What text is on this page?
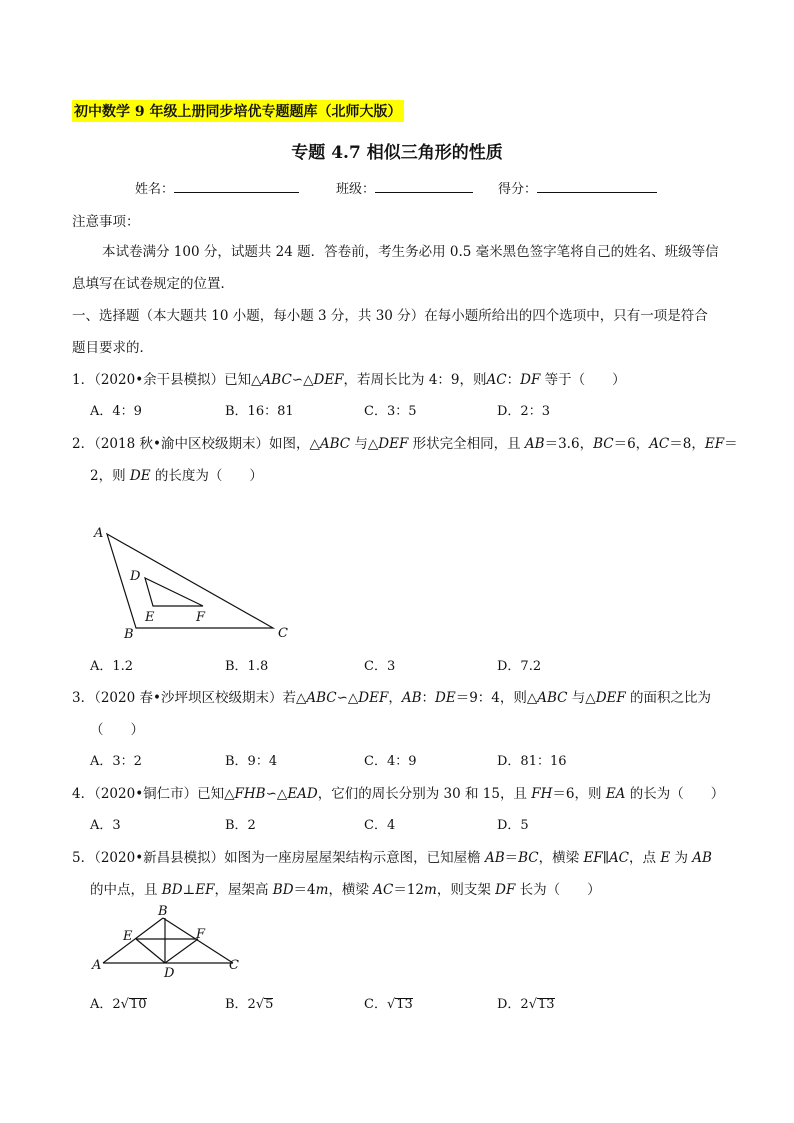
初中数学 9 年级上册同步培优专题题库（北师大版）
专题 4.7 相似三角形的性质
姓名：	班级：	得分：
注意事项：
本试卷满分 100 分，试题共 24 题．答卷前，考生务必用 0.5 毫米黑色签字笔将自己的姓名、班级等信
息填写在试卷规定的位置．
一、选择题（本大题共 10 小题，每小题 3 分，共 30 分）在每小题所给出的四个选项中，只有一项是符合
题目要求的．
1．（2020•余干县模拟）已知△ABC∽△DEF，若周长比为 4：9，则AC：DF 等于（　　）
A．4：9	B．16：81	C．3：5	D．2：3
2．（2018 秋•渝中区校级期末）如图，△ABC 与△DEF 形状完全相同，且 AB＝3.6，BC＝6，AC＝8，EF＝
2，则 DE 的长度为（　　）
A
B	C
D
E	F
A．1.2	B．1.8	C．3	D．7.2
3．（2020 春•沙坪坝区校级期末）若△ABC∽△DEF，AB：DE＝9：4，则△ABC 与△DEF 的面积之比为
（　　）
A．3：2	B．9：4	C．4：9	D．81：16
4．（2020•铜仁市）已知△FHB∽△EAD，它们的周长分别为 30 和 15，且 FH＝6，则 EA 的长为（　　）
A．3	B．2	C．4	D．5
5．（2020•新昌县模拟）如图为一座房屋屋架结构示意图，已知屋檐 AB＝BC，横梁 EF∥AC，点 E 为 AB
的中点，且 BD⊥EF，屋架高 BD＝4m，横梁 AC＝12m，则支架 DF 长为（　　）
A
B
C
D
E	F
A．2√10	B．2√5	C．√13	D．2√13
